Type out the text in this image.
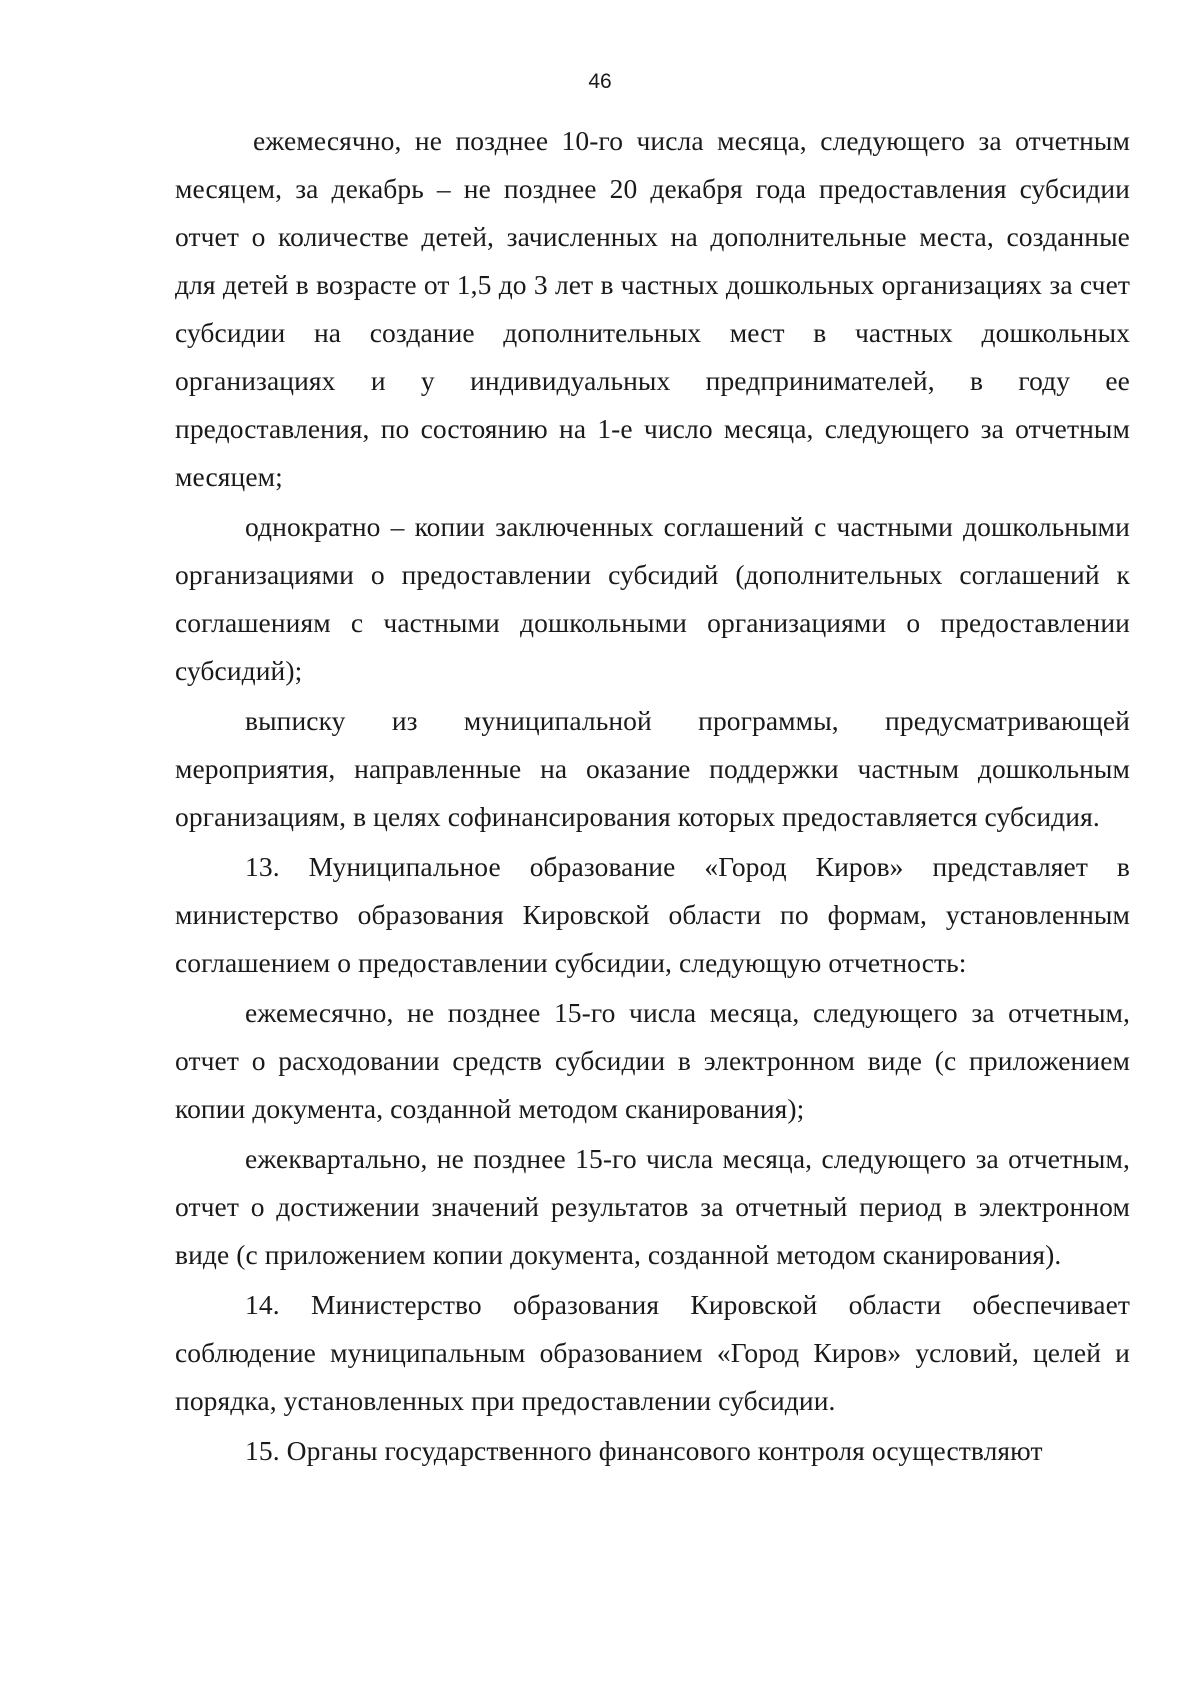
46

ежемесячно, не позднее 10-го числа месяца, следующего за отчетным месяцем, за декабрь – не позднее 20 декабря года предоставления субсидии отчет о количестве детей, зачисленных на дополнительные места, созданные для детей в возрасте от 1,5 до 3 лет в частных дошкольных организациях за счет субсидии на создание дополнительных мест в частных дошкольных организациях и у индивидуальных предпринимателей, в году ее предоставления, по состоянию на 1-е число месяца, следующего за отчетным месяцем;

однократно – копии заключенных соглашений с частными дошкольными организациями о предоставлении субсидий (дополнительных соглашений к соглашениям с частными дошкольными организациями о предоставлении субсидий);

выписку из муниципальной программы, предусматривающей мероприятия, направленные на оказание поддержки частным дошкольным организациям, в целях софинансирования которых предоставляется субсидия.

13. Муниципальное образование «Город Киров» представляет в министерство образования Кировской области по формам, установленным соглашением о предоставлении субсидии, следующую отчетность:

ежемесячно, не позднее 15-го числа месяца, следующего за отчетным, отчет о расходовании средств субсидии в электронном виде (с приложением копии документа, созданной методом сканирования);

ежеквартально, не позднее 15-го числа месяца, следующего за отчетным, отчет о достижении значений результатов за отчетный период в электронном виде (с приложением копии документа, созданной методом сканирования).

14. Министерство образования Кировской области обеспечивает соблюдение муниципальным образованием «Город Киров» условий, целей и порядка, установленных при предоставлении субсидии.

15. Органы государственного финансового контроля осуществляют
